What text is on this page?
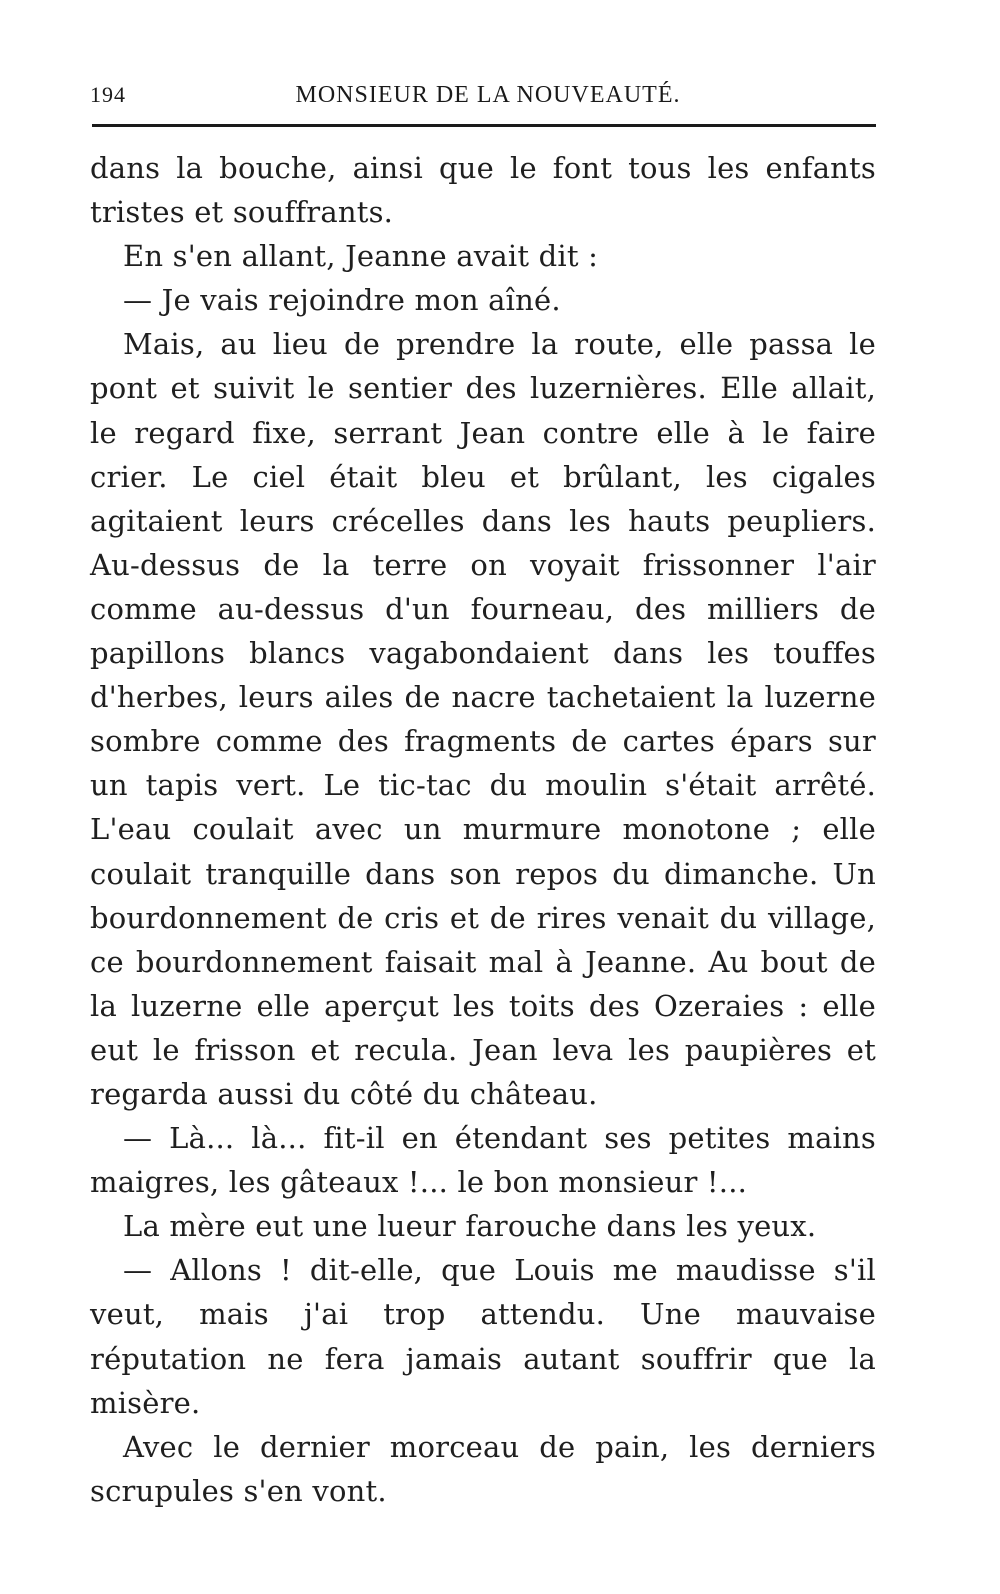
194	MONSIEUR DE LA NOUVEAUTÉ.

dans la bouche, ainsi que le font tous les enfants tristes et souffrants.

En s'en allant, Jeanne avait dit :

— Je vais rejoindre mon aîné.

Mais, au lieu de prendre la route, elle passa le pont et suivit le sentier des luzernières. Elle allait, le regard fixe, serrant Jean contre elle à le faire crier. Le ciel était bleu et brûlant, les cigales agitaient leurs crécelles dans les hauts peupliers. Au-dessus de la terre on voyait frissonner l'air comme au-dessus d'un fourneau, des milliers de papillons blancs vagabondaient dans les touffes d'herbes, leurs ailes de nacre tachetaient la luzerne sombre comme des fragments de cartes épars sur un tapis vert. Le tic-tac du moulin s'était arrêté. L'eau coulait avec un murmure monotone ; elle coulait tranquille dans son repos du dimanche. Un bourdonnement de cris et de rires venait du village, ce bourdonnement faisait mal à Jeanne. Au bout de la luzerne elle aperçut les toits des Ozeraies : elle eut le frisson et recula. Jean leva les paupières et regarda aussi du côté du château.

— Là... là... fit-il en étendant ses petites mains maigres, les gâteaux !... le bon monsieur !...

La mère eut une lueur farouche dans les yeux.

— Allons ! dit-elle, que Louis me maudisse s'il veut, mais j'ai trop attendu. Une mauvaise réputation ne fera jamais autant souffrir que la misère.

Avec le dernier morceau de pain, les derniers scrupules s'en vont.
